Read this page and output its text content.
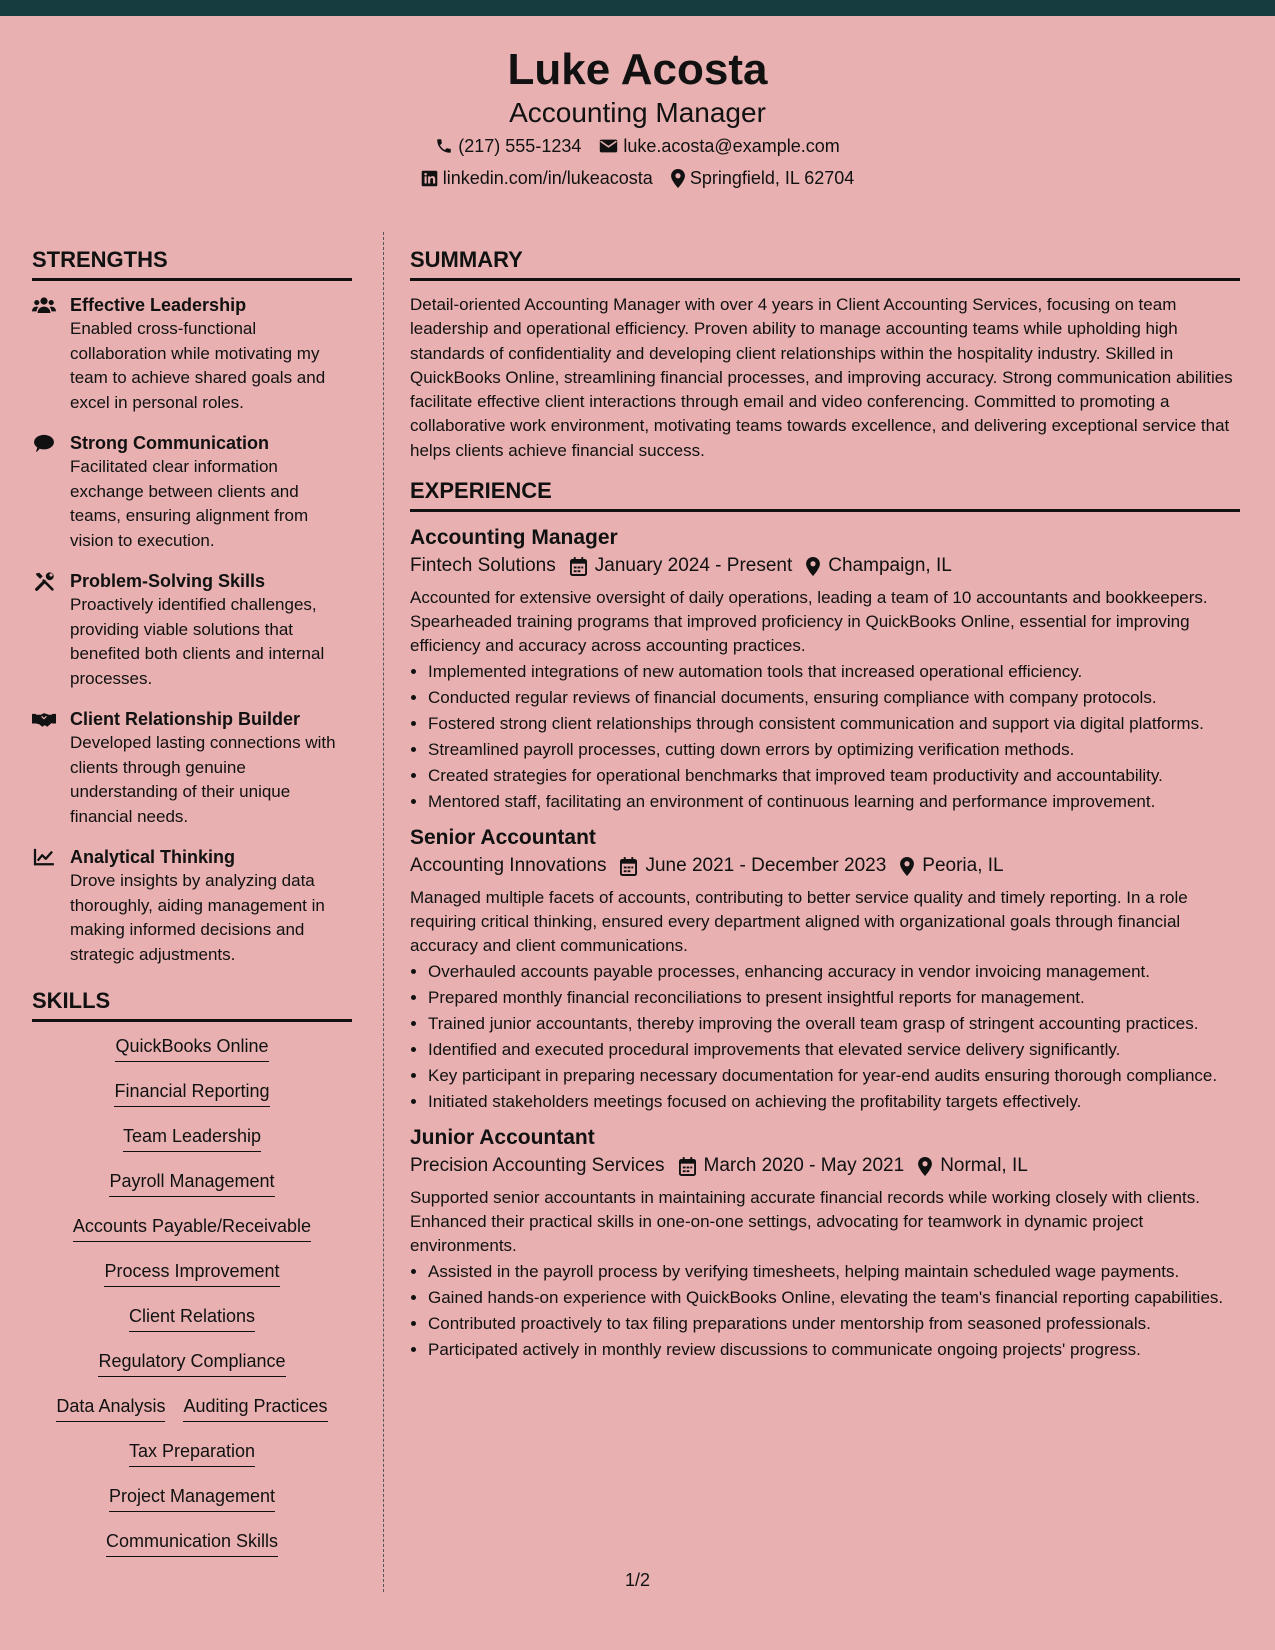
Luke Acosta
Accounting Manager
(217) 555-1234 luke.acosta@example.com
linkedin.com/in/lukeacosta Springfield, IL 62704
STRENGTHS
Effective Leadership
Enabled cross-functional collaboration while motivating my team to achieve shared goals and excel in personal roles.
Strong Communication
Facilitated clear information exchange between clients and teams, ensuring alignment from vision to execution.
Problem-Solving Skills
Proactively identified challenges, providing viable solutions that benefited both clients and internal processes.
Client Relationship Builder
Developed lasting connections with clients through genuine understanding of their unique financial needs.
Analytical Thinking
Drove insights by analyzing data thoroughly, aiding management in making informed decisions and strategic adjustments.
SKILLS
QuickBooks Online
Financial Reporting
Team Leadership
Payroll Management
Accounts Payable/Receivable
Process Improvement
Client Relations
Regulatory Compliance
Data Analysis Auditing Practices
Tax Preparation
Project Management
Communication Skills
SUMMARY
Detail-oriented Accounting Manager with over 4 years in Client Accounting Services, focusing on team leadership and operational efficiency. Proven ability to manage accounting teams while upholding high standards of confidentiality and developing client relationships within the hospitality industry. Skilled in QuickBooks Online, streamlining financial processes, and improving accuracy. Strong communication abilities facilitate effective client interactions through email and video conferencing. Committed to promoting a collaborative work environment, motivating teams towards excellence, and delivering exceptional service that helps clients achieve financial success.
EXPERIENCE
Accounting Manager
Fintech Solutions January 2024 - Present Champaign, IL
Accounted for extensive oversight of daily operations, leading a team of 10 accountants and bookkeepers. Spearheaded training programs that improved proficiency in QuickBooks Online, essential for improving efficiency and accuracy across accounting practices.
• Implemented integrations of new automation tools that increased operational efficiency.
• Conducted regular reviews of financial documents, ensuring compliance with company protocols.
• Fostered strong client relationships through consistent communication and support via digital platforms.
• Streamlined payroll processes, cutting down errors by optimizing verification methods.
• Created strategies for operational benchmarks that improved team productivity and accountability.
• Mentored staff, facilitating an environment of continuous learning and performance improvement.
Senior Accountant
Accounting Innovations June 2021 - December 2023 Peoria, IL
Managed multiple facets of accounts, contributing to better service quality and timely reporting. In a role requiring critical thinking, ensured every department aligned with organizational goals through financial accuracy and client communications.
• Overhauled accounts payable processes, enhancing accuracy in vendor invoicing management.
• Prepared monthly financial reconciliations to present insightful reports for management.
• Trained junior accountants, thereby improving the overall team grasp of stringent accounting practices.
• Identified and executed procedural improvements that elevated service delivery significantly.
• Key participant in preparing necessary documentation for year-end audits ensuring thorough compliance.
• Initiated stakeholders meetings focused on achieving the profitability targets effectively.
Junior Accountant
Precision Accounting Services March 2020 - May 2021 Normal, IL
Supported senior accountants in maintaining accurate financial records while working closely with clients. Enhanced their practical skills in one-on-one settings, advocating for teamwork in dynamic project environments.
• Assisted in the payroll process by verifying timesheets, helping maintain scheduled wage payments.
• Gained hands-on experience with QuickBooks Online, elevating the team's financial reporting capabilities.
• Contributed proactively to tax filing preparations under mentorship from seasoned professionals.
• Participated actively in monthly review discussions to communicate ongoing projects' progress.
1/2
